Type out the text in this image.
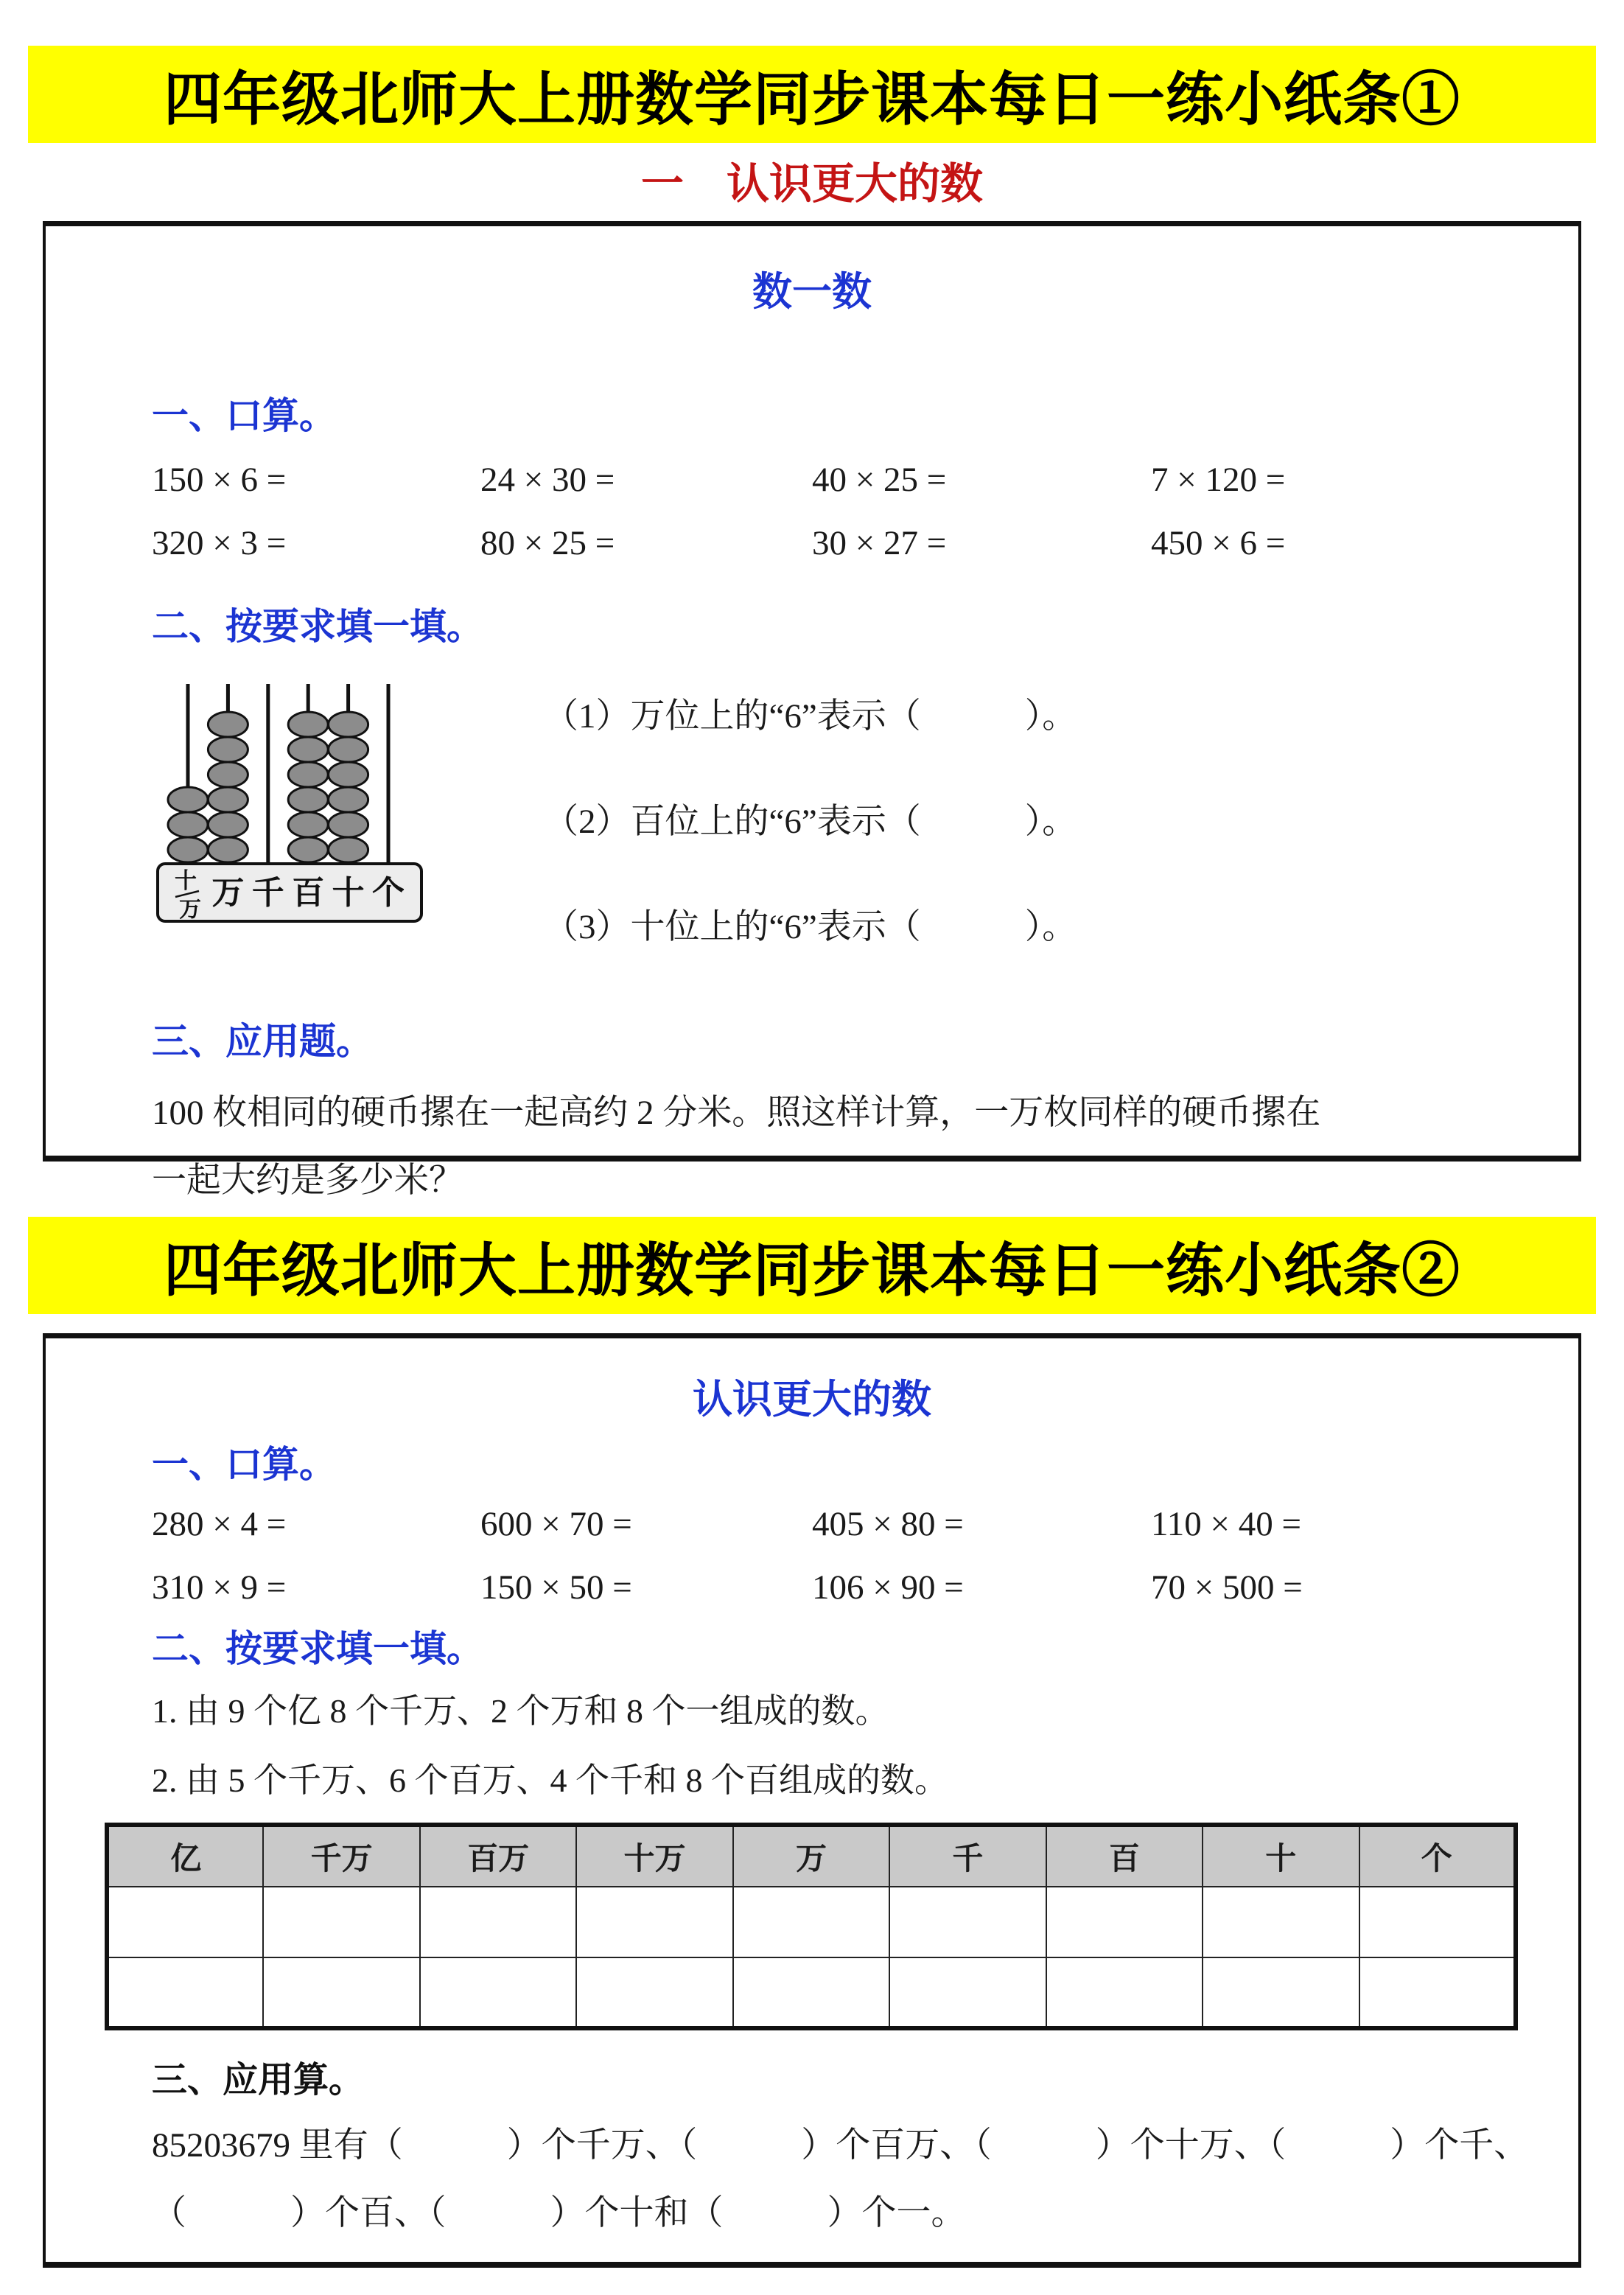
四年级北师大上册数学同步课本每日一练小纸条①
一　认识更大的数
数一数
一、口算。
150 × 6 =	24 × 30 =	40 × 25 =	7 × 120 =
320 × 3 =	80 × 25 =	30 × 27 =	450 × 6 =
二、按要求填一填。
十
万 万 千 百 十 个
（1）万位上的“6”表示（　　　）。
（2）百位上的“6”表示（　　　）。
（3）十位上的“6”表示（　　　）。
三、应用题。

100 枚相同的硬币摞在一起高约 2 分米。照这样计算，一万枚同样的硬币摞在
一起大约是多少米？

四年级北师大上册数学同步课本每日一练小纸条②
认识更大的数
一、口算。
280 × 4 =	600 × 70 =	405 × 80 =	110 × 40 =
310 × 9 =	150 × 50 =	106 × 90 =	70 × 500 =
二、按要求填一填。
1. 由 9 个亿 8 个千万、2 个万和 8 个一组成的数。
2. 由 5 个千万、6 个百万、4 个千和 8 个百组成的数。
亿	千万	百万	十万	万	千	百	十	个

三、应用算。

85203679 里有（　　　）个千万、（　　　）个百万、（　　　）个十万、（　　　）个千、
（　　　）个百、（　　　）个十和（　　　）个一。
